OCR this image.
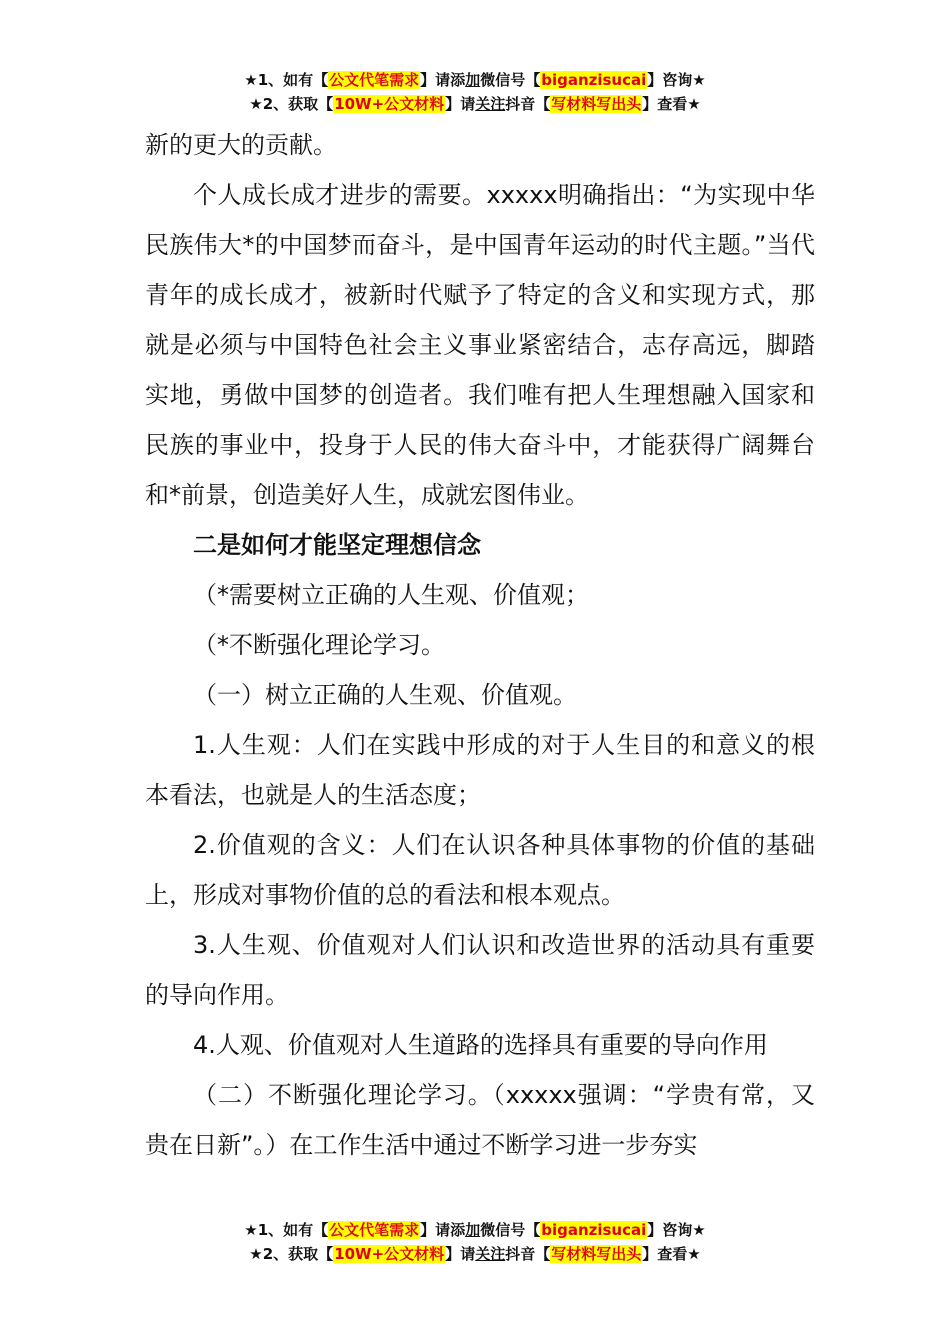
★1、如有【公文代笔需求】请添加微信号【biganzisucai】咨询★
★2、获取【10W+公文材料】请关注抖音【写材料写出头】查看★

新的更大的贡献。

个人成长成才进步的需要。xxxxx明确指出：“为实现中华民族伟大*的中国梦而奋斗，是中国青年运动的时代主题。”当代青年的成长成才，被新时代赋予了特定的含义和实现方式，那就是必须与中国特色社会主义事业紧密结合，志存高远，脚踏实地，勇做中国梦的创造者。我们唯有把人生理想融入国家和民族的事业中，投身于人民的伟大奋斗中，才能获得广阔舞台和*前景，创造美好人生，成就宏图伟业。

二是如何才能坚定理想信念

（*需要树立正确的人生观、价值观；

（*不断强化理论学习。

（一）树立正确的人生观、价值观。

1.人生观：人们在实践中形成的对于人生目的和意义的根本看法，也就是人的生活态度；

2.价值观的含义：人们在认识各种具体事物的价值的基础上，形成对事物价值的总的看法和根本观点。

3.人生观、价值观对人们认识和改造世界的活动具有重要的导向作用。

4.人观、价值观对人生道路的选择具有重要的导向作用

（二）不断强化理论学习。（xxxxx强调：“学贵有常，又贵在日新”。）在工作生活中通过不断学习进一步夯实

★1、如有【公文代笔需求】请添加微信号【biganzisucai】咨询★
★2、获取【10W+公文材料】请关注抖音【写材料写出头】查看★
